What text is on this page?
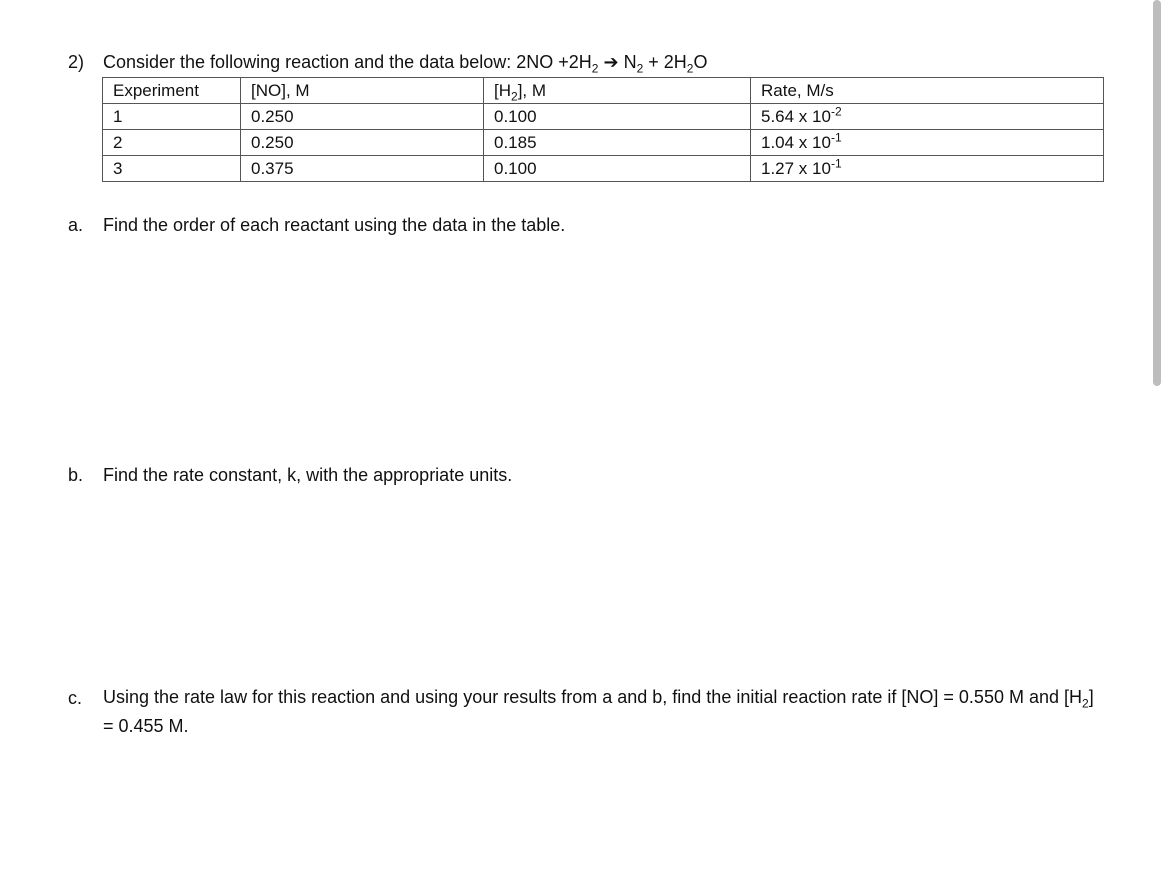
2) Consider the following reaction and the data below: $2NO +2H_2$ ➔ $N_2 + 2H_2O$
Experiment	[NO], M	$[H_2]$, M	Rate, M/s
1	0.250	0.100	5.64 x $10^{-2}$
2	0.250	0.185	1.04 x $10^{-1}$
3	0.375	0.100	1.27 x $10^{-1}$
a. Find the order of each reactant using the data in the table.
b. Find the rate constant, k, with the appropriate units.
c. Using the rate law for this reaction and using your results from a and b, find the initial reaction rate if [NO] = 0.550 M and $[H_2] = 0.455$ M.
